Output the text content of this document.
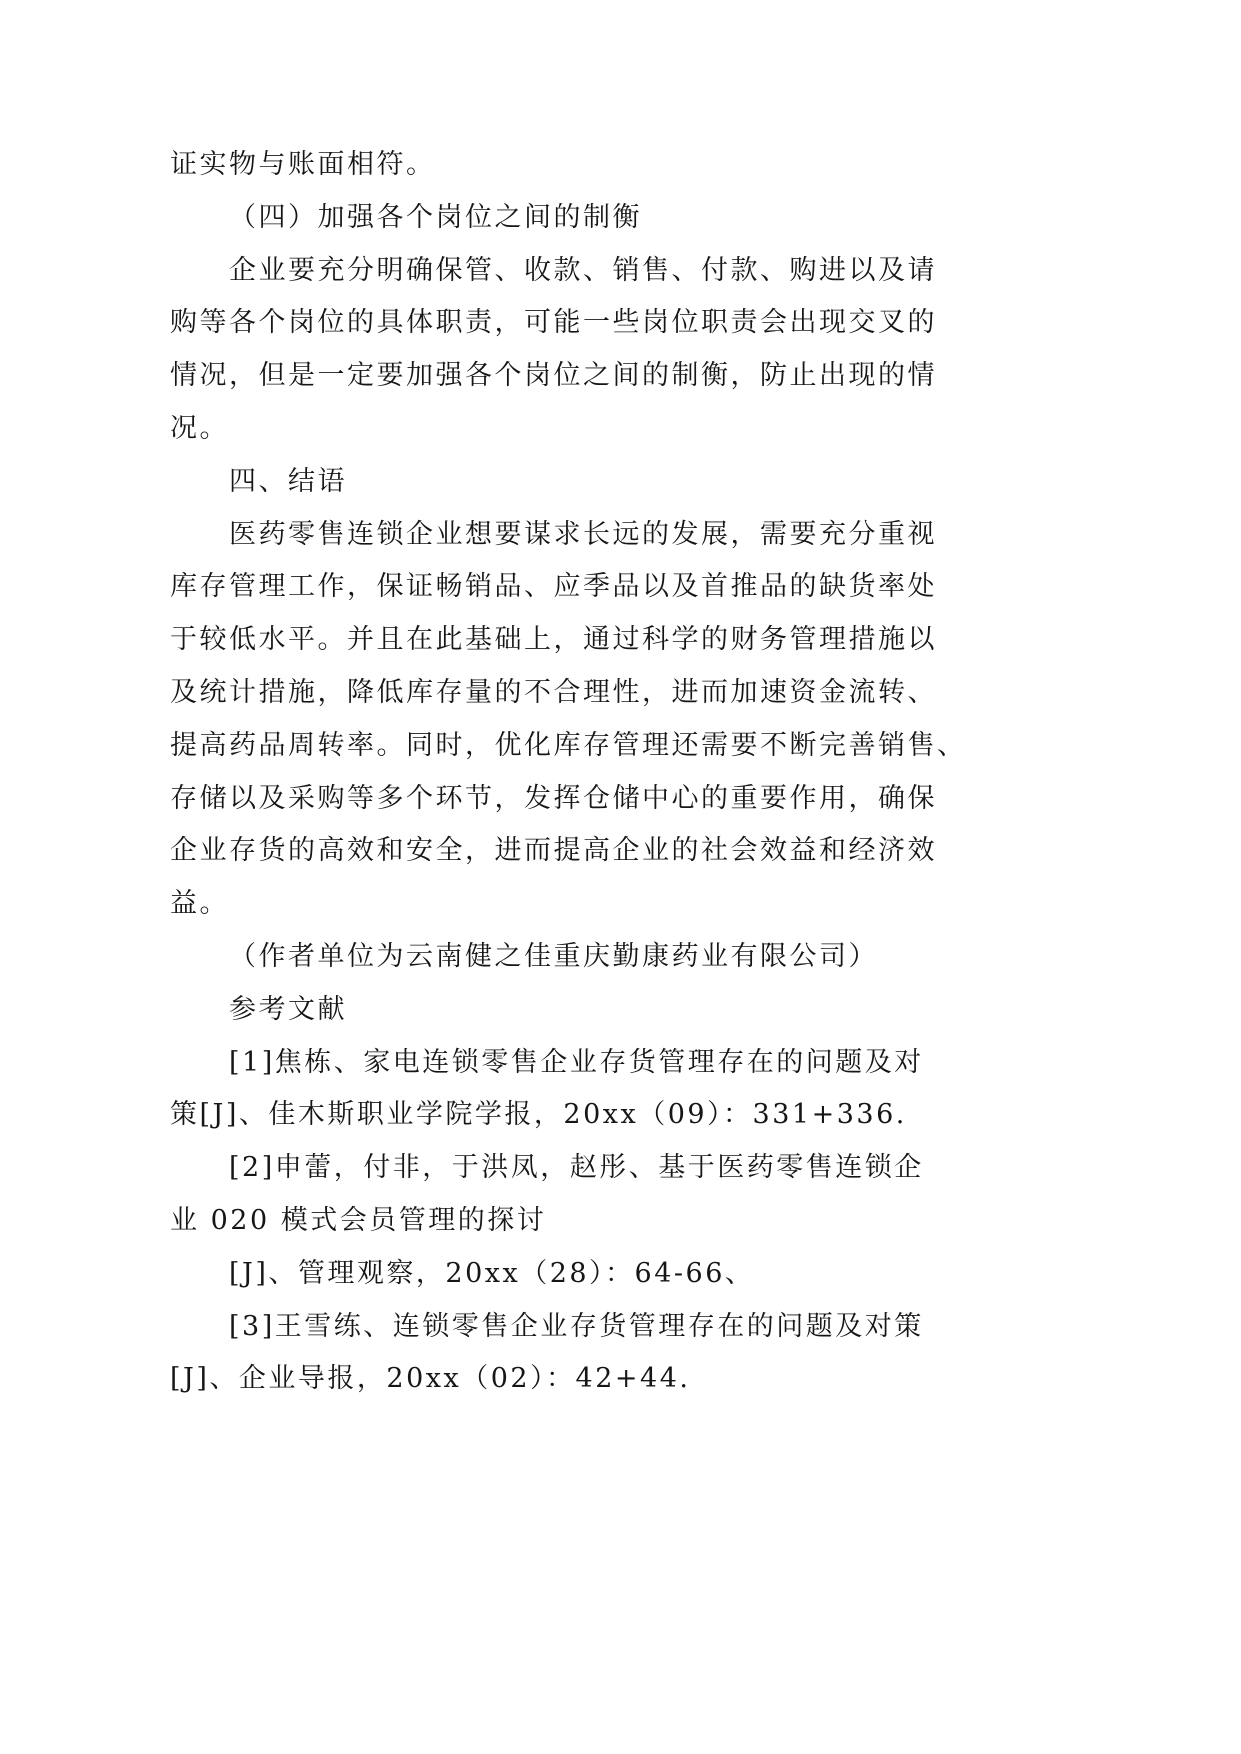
证实物与账面相符。
（四）加强各个岗位之间的制衡
企业要充分明确保管、收款、销售、付款、购进以及请
购等各个岗位的具体职责，可能一些岗位职责会出现交叉的
情况，但是一定要加强各个岗位之间的制衡，防止出现的情
况。
四、结语
医药零售连锁企业想要谋求长远的发展，需要充分重视
库存管理工作，保证畅销品、应季品以及首推品的缺货率处
于较低水平。并且在此基础上，通过科学的财务管理措施以
及统计措施，降低库存量的不合理性，进而加速资金流转、
提高药品周转率。同时，优化库存管理还需要不断完善销售、
存储以及采购等多个环节，发挥仓储中心的重要作用，确保
企业存货的高效和安全，进而提高企业的社会效益和经济效
益。
（作者单位为云南健之佳重庆勤康药业有限公司）
参考文献
[1]焦栋、家电连锁零售企业存货管理存在的问题及对
策[J]、佳木斯职业学院学报，20xx（09）：331+336.
[2]申蕾，付非，于洪凤，赵彤、基于医药零售连锁企
业 020 模式会员管理的探讨
[J]、管理观察，20xx（28）：64-66、
[3]王雪练、连锁零售企业存货管理存在的问题及对策
[J]、企业导报，20xx（02）：42+44.
